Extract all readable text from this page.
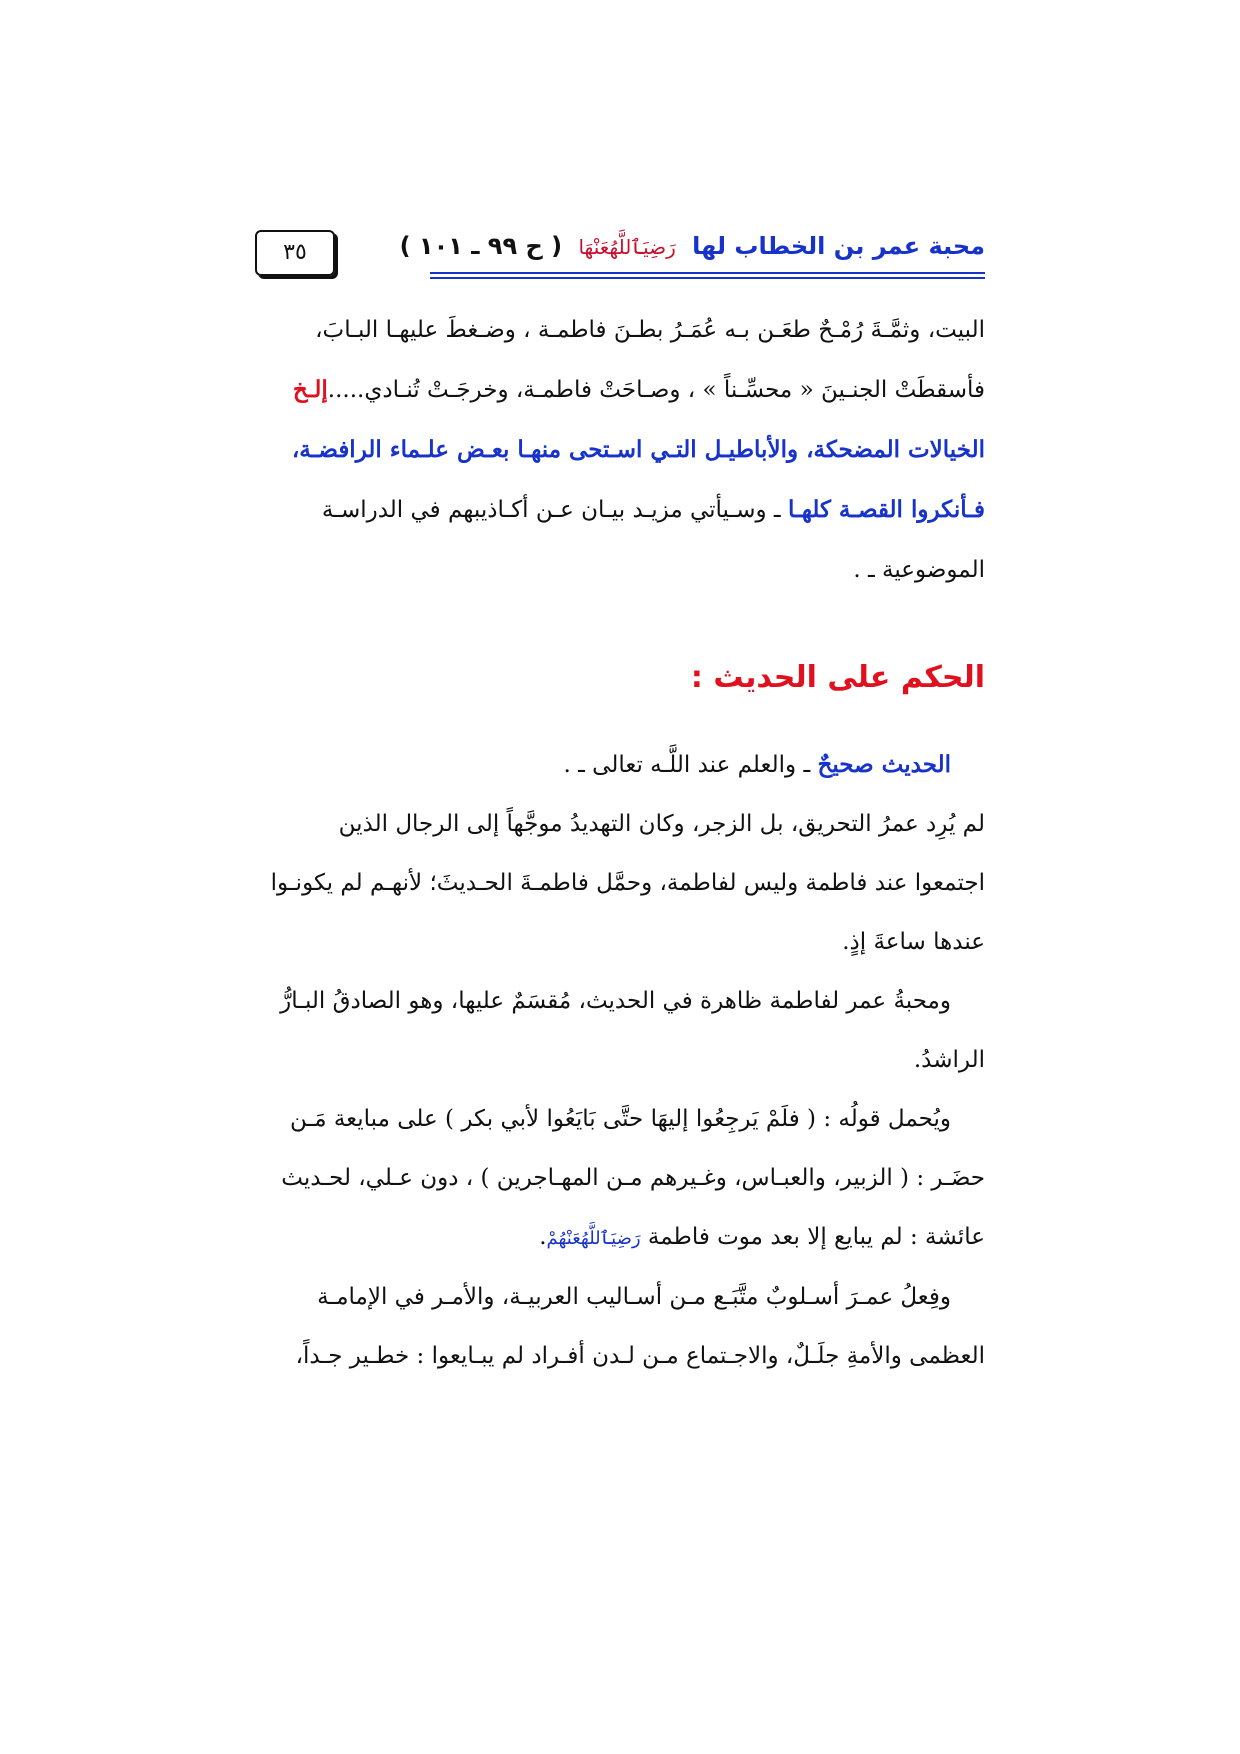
محبة عمر بن الخطاب لها رَضِيَٱللَّهُعَنْهَا ( ح ٩٩ ـ ١٠١ )
٣٥

البيت، وثمَّـةَ رُمْـحٌ طعَـن بـه عُمَـرُ بطـنَ فاطمـة ، وضـغطَ عليهـا البـابَ،

فأسقطَتْ الجنـينَ « محسِّـناً » ، وصـاحَتْ فاطمـة، وخرجَـتْ تُنـادي.....إلـخ

الخيالات المضحكة، والأباطيـل التـي اسـتحى منهـا بعـض علـماء الرافضـة،

فـأنكروا القصـة كلهـا ـ وسـيأتي مزيـد بيـان عـن أكـاذيبهم في الدراسـة

الموضوعية ـ .

الحكم على الحديث :

الحديث صحيحٌ ـ والعلم عند اللَّـه تعالى ـ .

لم يُرِد عمرُ التحريق، بل الزجر، وكان التهديدُ موجَّهاً إلى الرجال الذين

اجتمعوا عند فاطمة وليس لفاطمة، وحمَّل فاطمـةَ الحـديثَ؛ لأنهـم لم يكونـوا

عندها ساعةَ إذٍ.

ومحبةُ عمر لفاطمة ظاهرة في الحديث، مُقسَمٌ عليها، وهو الصادقُ البـارُّ

الراشدُ.

ويُحمل قولُه : ( فلَمْ يَرجِعُوا إليهَا حتَّى بَايَعُوا لأبي بكر ) على مبايعة مَـن

حضَـر : ( الزبير، والعبـاس، وغـيرهم مـن المهـاجرين ) ، دون عـلي، لحـديث

عائشة : لم يبايع إلا بعد موت فاطمة رَضِيَٱللَّهُعَنْهُمْ.

وفِعلُ عمـرَ أسـلوبٌ متَّبَـع مـن أسـاليب العربيـة، والأمـر في الإمامـة

العظمى والأمةِ جلَـلٌ، والاجـتماع مـن لـدن أفـراد لم يبـايعوا : خطـير جـداً،
